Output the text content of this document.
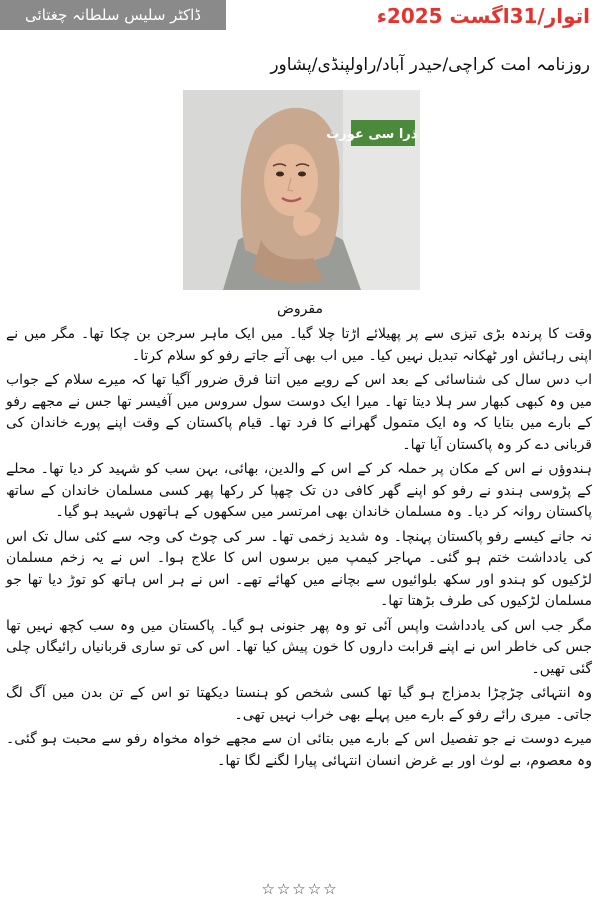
ڈاکٹر سلیس سلطانہ چغتائی	اتوار/31اگست 2025ء
روزنامہ امت کراچی/حیدر آباد/راولپنڈی/پشاور
اک ذرا سی عورت
مقروض

وقت کا پرندہ بڑی تیزی سے پر پھیلائے اڑتا چلا گیا۔ میں ایک ماہر سرجن بن چکا تھا۔ مگر میں نے اپنی رہائش اور ٹھکانہ تبدیل نہیں کیا۔ میں اب بھی آتے جاتے رفو کو سلام کرتا۔

اب دس سال کی شناسائی کے بعد اس کے رویے میں اتنا فرق ضرور آگیا تھا کہ میرے سلام کے جواب میں وہ کبھی کبھار سر ہلا دیتا تھا۔ میرا ایک دوست سول سروس میں آفیسر تھا جس نے مجھے رفو کے بارے میں بتایا کہ وہ ایک متمول گھرانے کا فرد تھا۔ قیام پاکستان کے وقت اپنے پورے خاندان کی قربانی دے کر وہ پاکستان آیا تھا۔

ہندوؤں نے اس کے مکان پر حملہ کر کے اس کے والدین، بھائی، بہن سب کو شہید کر دیا تھا۔ محلے کے پڑوسی ہندو نے رفو کو اپنے گھر کافی دن تک چھپا کر رکھا پھر کسی مسلمان خاندان کے ساتھ پاکستان روانہ کر دیا۔ وہ مسلمان خاندان بھی امرتسر میں سکھوں کے ہاتھوں شہید ہو گیا۔

نہ جانے کیسے رفو پاکستان پہنچا۔ وہ شدید زخمی تھا۔ سر کی چوٹ کی وجہ سے کئی سال تک اس کی یادداشت ختم ہو گئی۔ مہاجر کیمپ میں برسوں اس کا علاج ہوا۔ اس نے یہ زخم مسلمان لڑکیوں کو ہندو اور سکھ بلوائیوں سے بچانے میں کھائے تھے۔ اس نے ہر اس ہاتھ کو توڑ دیا تھا جو مسلمان لڑکیوں کی طرف بڑھتا تھا۔

مگر جب اس کی یادداشت واپس آئی تو وہ پھر جنونی ہو گیا۔ پاکستان میں وہ سب کچھ نہیں تھا جس کی خاطر اس نے اپنے قرابت داروں کا خون پیش کیا تھا۔ اس کی تو ساری قربانیاں رائیگاں چلی گئی تھیں۔

وہ انتہائی چڑچڑا بدمزاج ہو گیا تھا کسی شخص کو ہنستا دیکھتا تو اس کے تن بدن میں آگ لگ جاتی۔ میری رائے رفو کے بارے میں پہلے بھی خراب نہیں تھی۔

میرے دوست نے جو تفصیل اس کے بارے میں بتائی ان سے مجھے خواہ مخواہ رفو سے محبت ہو گئی۔ وہ معصوم، بے لوث اور بے غرض انسان انتہائی پیارا لگنے لگا تھا۔

☆☆☆☆☆
